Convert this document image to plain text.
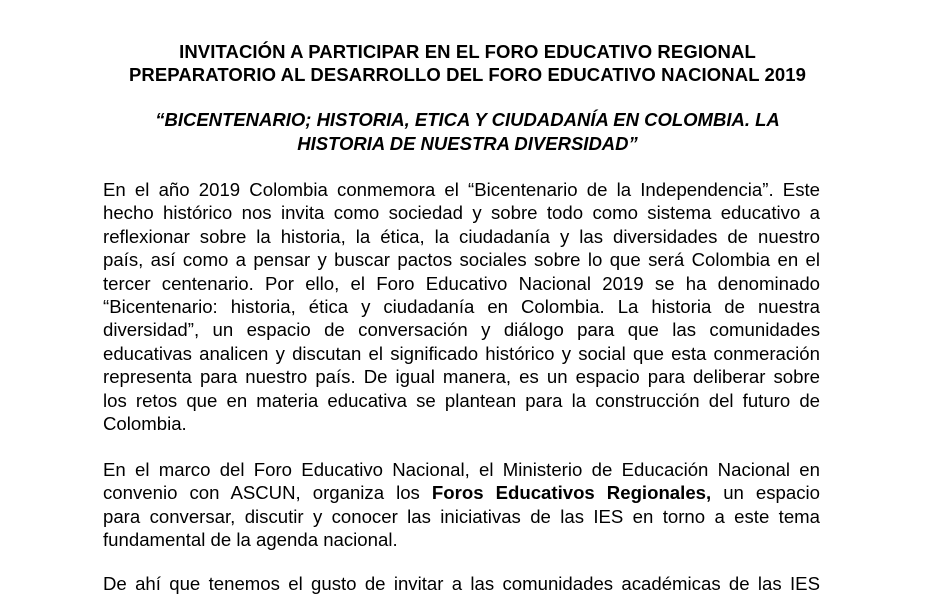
INVITACIÓN A PARTICIPAR EN EL FORO EDUCATIVO REGIONAL
PREPARATORIO AL DESARROLLO DEL FORO EDUCATIVO NACIONAL 2019
“BICENTENARIO; HISTORIA, ETICA Y CIUDADANÍA EN COLOMBIA. LA
HISTORIA DE NUESTRA DIVERSIDAD”
En el año 2019 Colombia conmemora el “Bicentenario de la Independencia”. Este
hecho histórico nos invita como sociedad y sobre todo como sistema educativo a
reflexionar sobre la historia, la ética, la ciudadanía y las diversidades de nuestro
país, así como a pensar y buscar pactos sociales sobre lo que será Colombia en el
tercer centenario. Por ello, el Foro Educativo Nacional 2019 se ha denominado
“Bicentenario: historia, ética y ciudadanía en Colombia. La historia de nuestra
diversidad”, un espacio de conversación y diálogo para que las comunidades
educativas analicen y discutan el significado histórico y social que esta conmeración
representa para nuestro país. De igual manera, es un espacio para deliberar sobre
los retos que en materia educativa se plantean para la construcción del futuro de
Colombia.
En el marco del Foro Educativo Nacional, el Ministerio de Educación Nacional en
convenio con ASCUN, organiza los Foros Educativos Regionales, un espacio
para conversar, discutir y conocer las iniciativas de las IES en torno a este tema
fundamental de la agenda nacional.
De ahí que tenemos el gusto de invitar a las comunidades académicas de las IES
